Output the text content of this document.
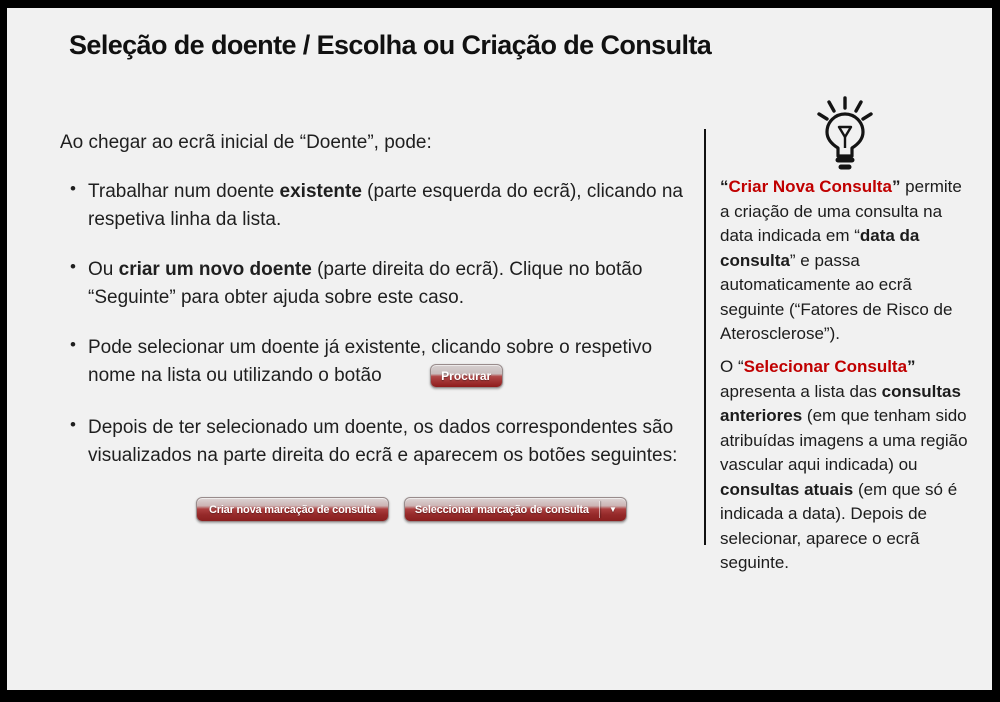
Seleção de doente / Escolha ou Criação de Consulta
Ao chegar ao ecrã inicial de “Doente”, pode:
• Trabalhar num doente existente (parte esquerda do ecrã), clicando na respetiva linha da lista.
• Ou criar um novo doente (parte direita do ecrã). Clique no botão “Seguinte” para obter ajuda sobre este caso.
• Pode selecionar um doente já existente, clicando sobre o respetivo nome na lista ou utilizando o botão	Procurar
• Depois de ter selecionado um doente, os dados correspondentes são visualizados na parte direita do ecrã e aparecem os botões seguintes:
Criar nova marcação de consulta	Seleccionar marcação de consulta	▼

“Criar Nova Consulta” permite a criação de uma consulta na data indicada em “data da consulta” e passa automaticamente ao ecrã seguinte (“Fatores de Risco de Aterosclerose”).

O “Selecionar Consulta” apresenta a lista das consultas anteriores (em que tenham sido atribuídas imagens a uma região vascular aqui indicada) ou consultas atuais (em que só é indicada a data). Depois de selecionar, aparece o ecrã seguinte.
